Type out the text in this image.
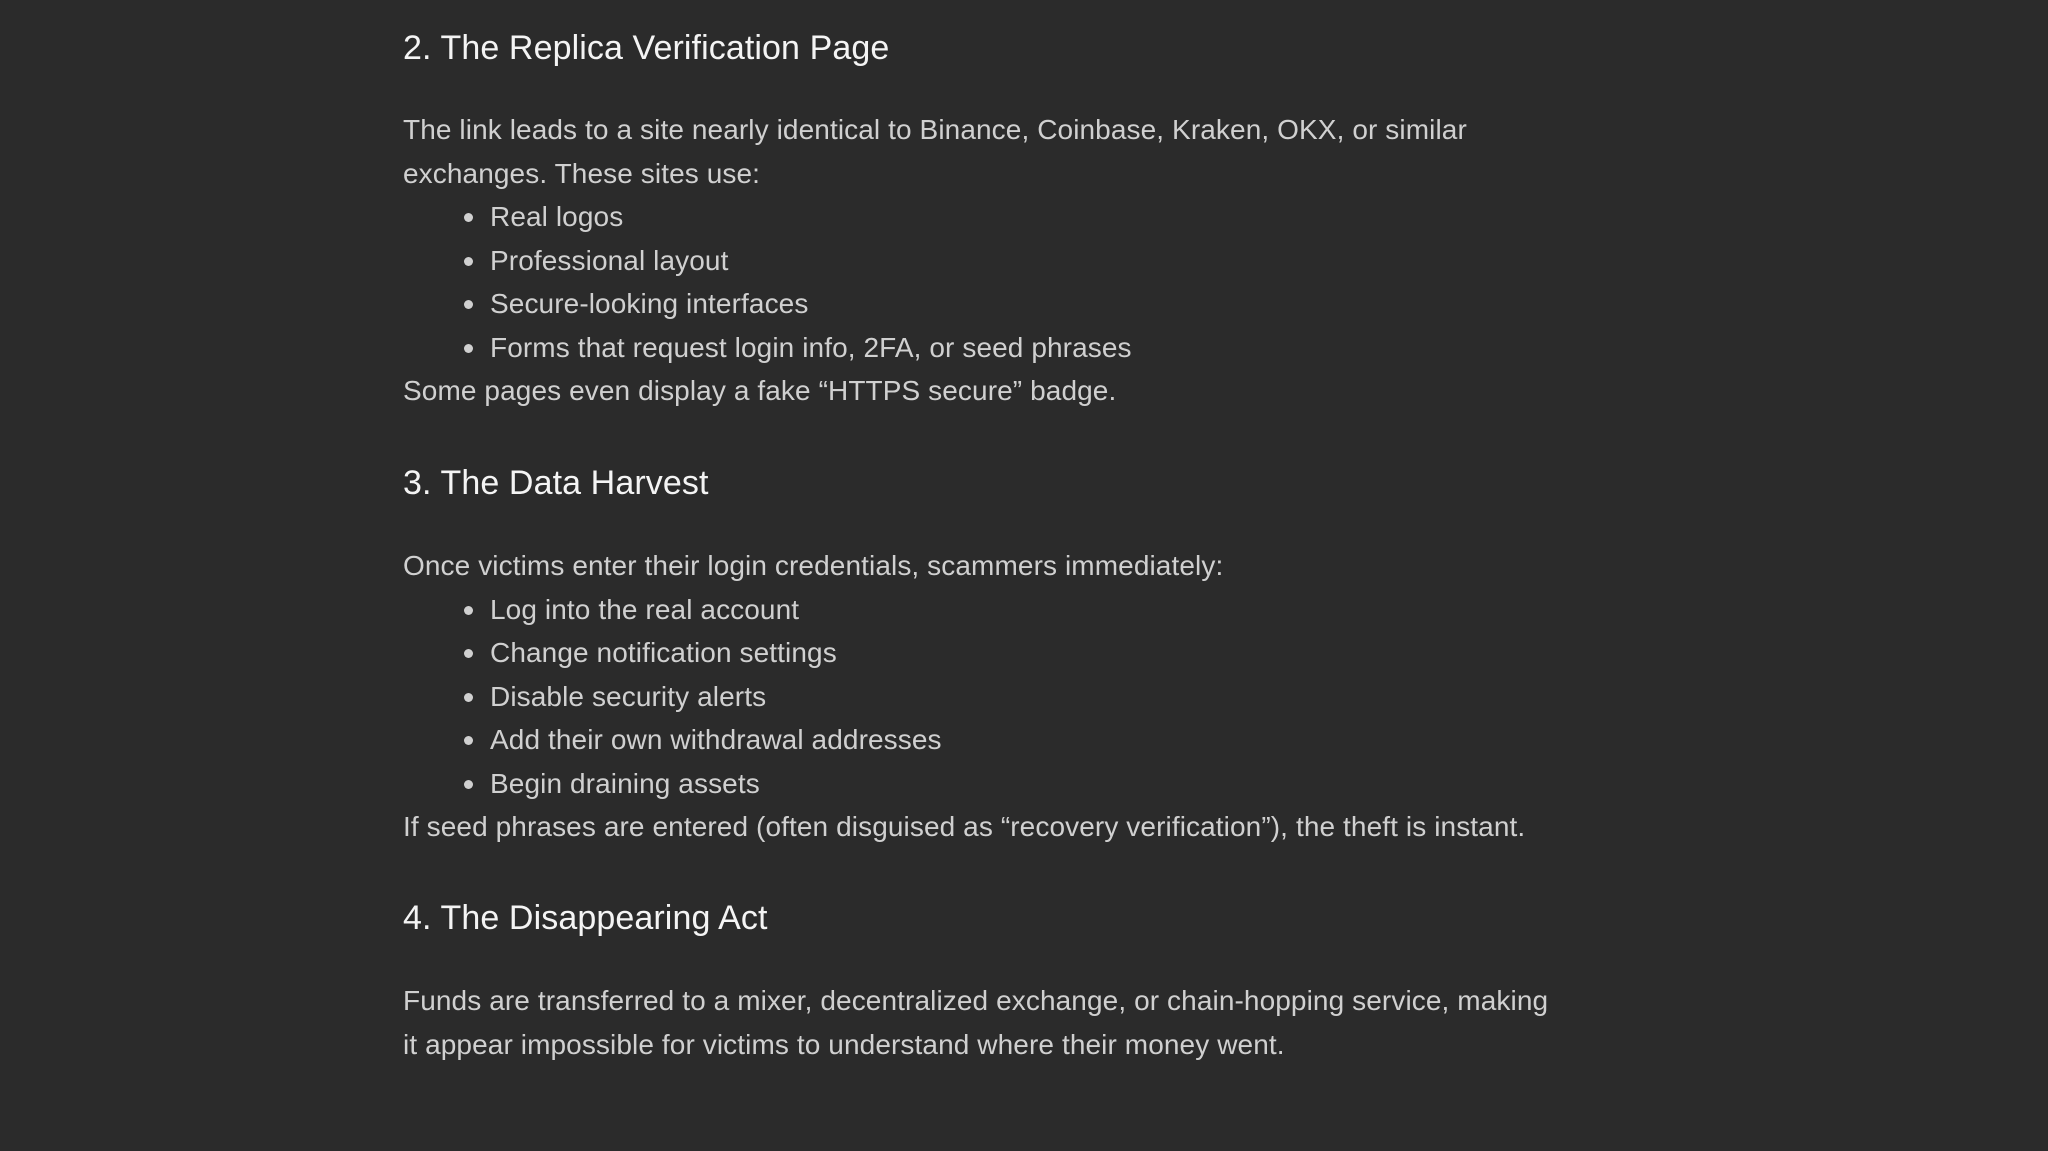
2. The Replica Verification Page

The link leads to a site nearly identical to Binance, Coinbase, Kraken, OKX, or similar

exchanges. These sites use:

Real logos
Professional layout
Secure-looking interfaces
Forms that request login info, 2FA, or seed phrases

Some pages even display a fake “HTTPS secure” badge.

3. The Data Harvest

Once victims enter their login credentials, scammers immediately:

Log into the real account
Change notification settings
Disable security alerts
Add their own withdrawal addresses
Begin draining assets

If seed phrases are entered (often disguised as “recovery verification”), the theft is instant.

4. The Disappearing Act

Funds are transferred to a mixer, decentralized exchange, or chain-hopping service, making

it appear impossible for victims to understand where their money went.
